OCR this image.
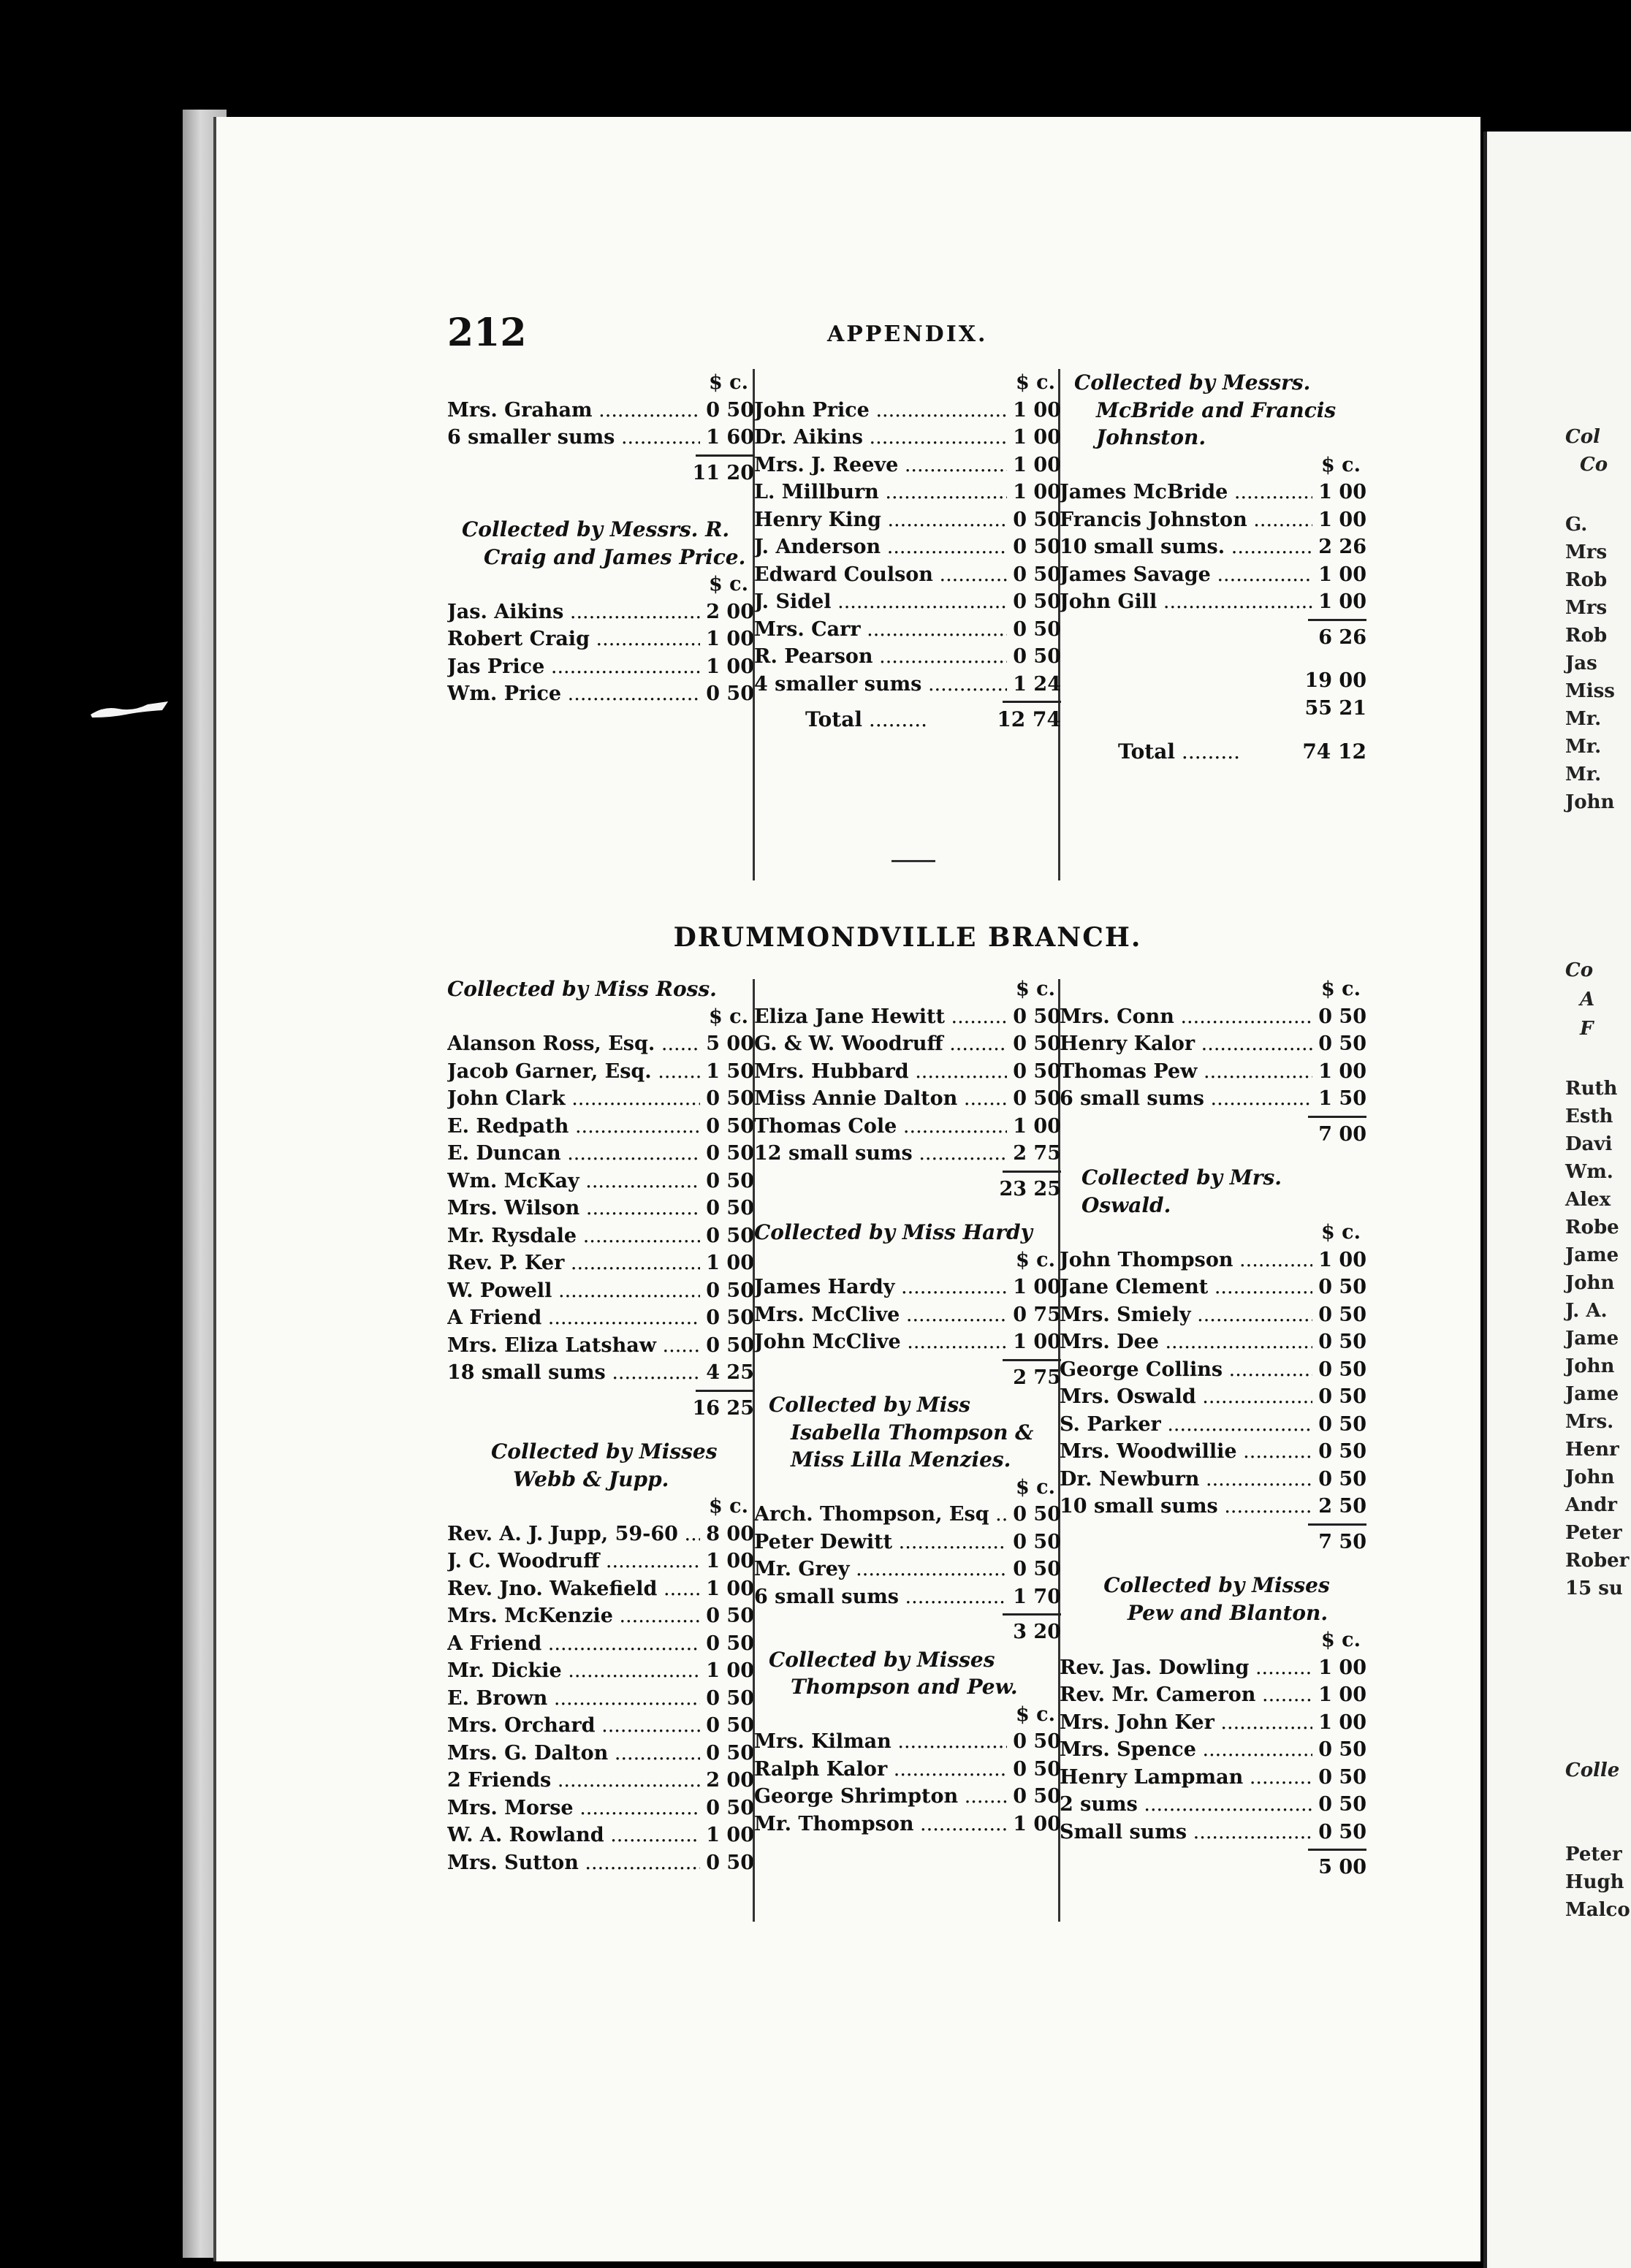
212	APPENDIX.
$ c.
Mrs. Graham .....	0 50
6 smaller sums .....	1 60
11 20
Collected by Messrs. R. Craig and James Price.
$ c.
Jas. Aikins .....	2 00
Robert Craig .....	1 00
Jas Price .....	1 00
Wm. Price .....	0 50
$ c.
John Price .....	1 00
Dr. Aikins .....	1 00
Mrs. J. Reeve .....	1 00
L. Millburn .....	1 00
Henry King .....	0 50
J. Anderson .....	0 50
Edward Coulson .....	0 50
J. Sidel .....	0 50
Mrs. Carr .....	0 50
R. Pearson .....	0 50
4 smaller sums .....	1 24
Total .....	12 74
Collected by Messrs. McBride and Francis Johnston.
$ c.
James McBride .....	1 00
Francis Johnston .....	1 00
10 small sums. .....	2 26
James Savage .....	1 00
John Gill .....	1 00
6 26
19 00
55 21
Total .....	74 12
DRUMMONDVILLE BRANCH.
Collected by Miss Ross.
$ c.
Alanson Ross, Esq. .....	5 00
Jacob Garner, Esq. .....	1 50
John Clark .....	0 50
E. Redpath .....	0 50
E. Duncan .....	0 50
Wm. McKay .....	0 50
Mrs. Wilson .....	0 50
Mr. Rysdale .....	0 50
Rev. P. Ker .....	1 00
W. Powell .....	0 50
A Friend .....	0 50
Mrs. Eliza Latshaw .....	0 50
18 small sums .....	4 25
16 25
Collected by Misses Webb & Jupp.
$ c.
Rev. A. J. Jupp, 59-60 .....	8 00
J. C. Woodruff .....	1 00
Rev. Jno. Wakefield .....	1 00
Mrs. McKenzie .....	0 50
A Friend .....	0 50
Mr. Dickie .....	1 00
E. Brown .....	0 50
Mrs. Orchard .....	0 50
Mrs. G. Dalton .....	0 50
2 Friends .....	2 00
Mrs. Morse .....	0 50
W. A. Rowland .....	1 00
Mrs. Sutton .....	0 50
$ c.
Eliza Jane Hewitt .....	0 50
G. & W. Woodruff .....	0 50
Mrs. Hubbard .....	0 50
Miss Annie Dalton .....	0 50
Thomas Cole .....	1 00
12 small sums .....	2 75
23 25
Collected by Miss Hardy
$ c.
James Hardy .....	1 00
Mrs. McClive .....	0 75
John McClive .....	1 00
2 75
Collected by Miss Isabella Thompson & Miss Lilla Menzies.
$ c.
Arch. Thompson, Esq .....	0 50
Peter Dewitt .....	0 50
Mr. Grey .....	0 50
6 small sums .....	1 70
3 20
Collected by Misses Thompson and Pew.
$ c.
Mrs. Kilman .....	0 50
Ralph Kalor .....	0 50
George Shrimpton .....	0 50
Mr. Thompson .....	1 00
$ c.
Mrs. Conn .....	0 50
Henry Kalor .....	0 50
Thomas Pew .....	1 00
6 small sums .....	1 50
7 00
Collected by Mrs. Oswald.
$ c.
John Thompson .....	1 00
Jane Clement .....	0 50
Mrs. Smiely .....	0 50
Mrs. Dee .....	0 50
George Collins .....	0 50
Mrs. Oswald .....	0 50
S. Parker .....	0 50
Mrs. Woodwillie .....	0 50
Dr. Newburn .....	0 50
10 small sums .....	2 50
7 50
Collected by Misses Pew and Blanton.
$ c.
Rev. Jas. Dowling .....	1 00
Rev. Mr. Cameron .....	1 00
Mrs. John Ker .....	1 00
Mrs. Spence .....	0 50
Henry Lampman .....	0 50
2 sums .....	0 50
Small sums .....	0 50
5 00
Col
Co
G.
Mrs
Rob
Mrs
Rob
Jas
Miss
Mr.
Mr.
Mr.
John
Co
A
F
Ruth
Esth
Davi
Wm.
Alex
Robe
Jame
John
J. A.
Jame
John
Jame
Mrs.
Henr
John
Andr
Peter
Rober
15 su
Colle
Peter
Hugh
Malco
